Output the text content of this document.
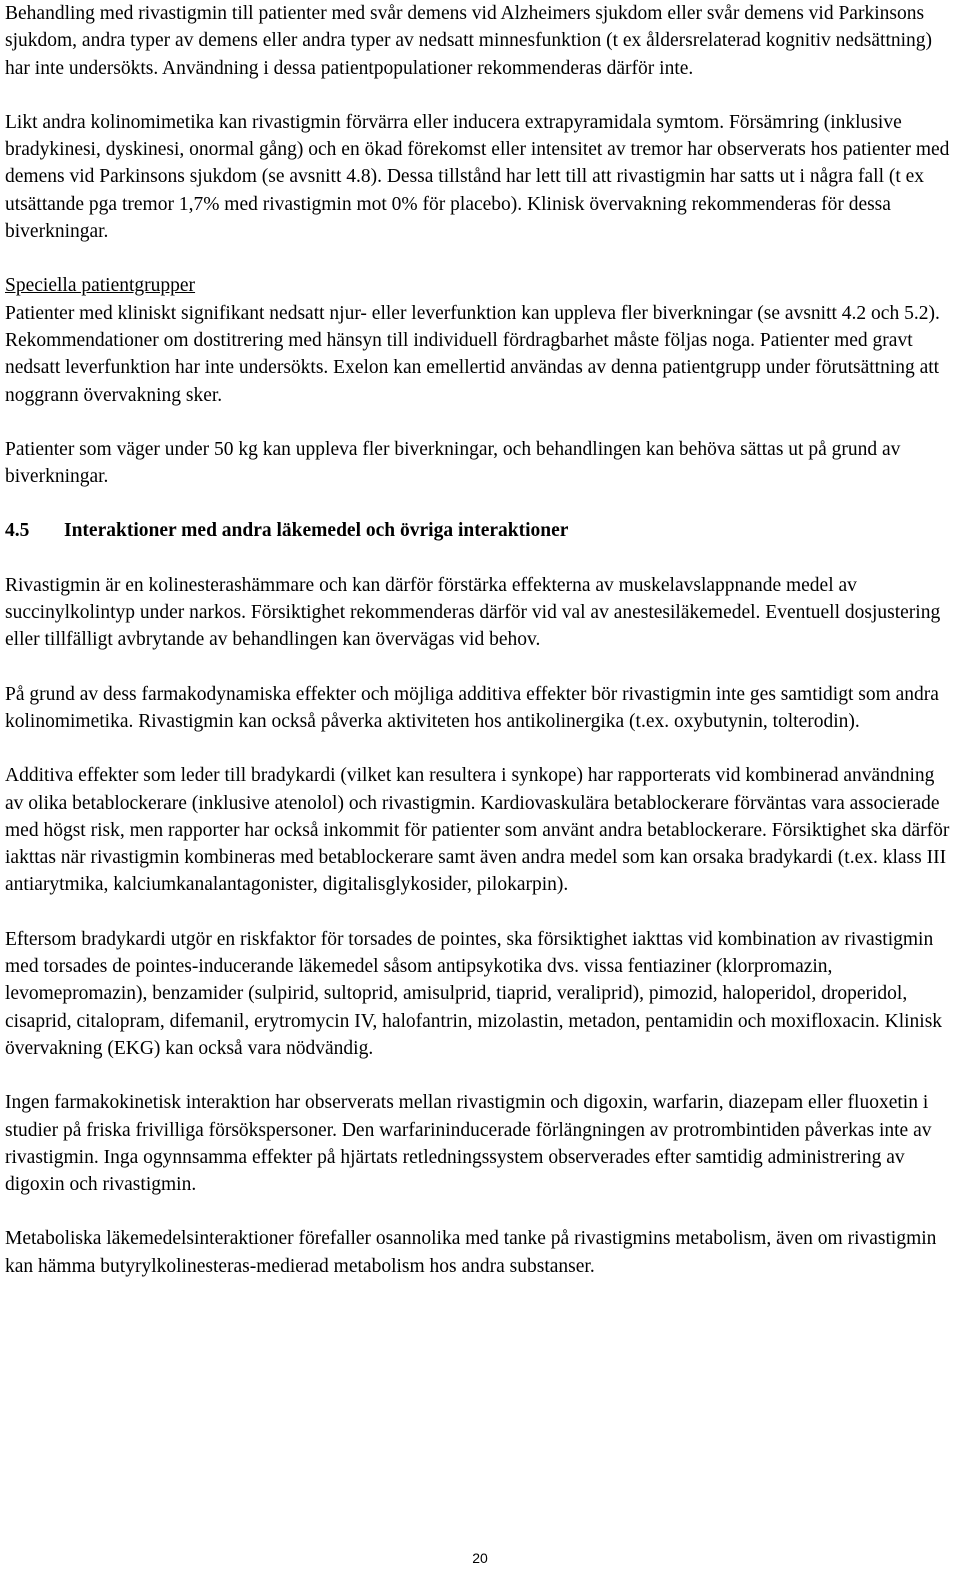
Behandling med rivastigmin till patienter med svår demens vid Alzheimers sjukdom eller svår demens vid Parkinsons sjukdom, andra typer av demens eller andra typer av nedsatt minnesfunktion (t ex åldersrelaterad kognitiv nedsättning) har inte undersökts. Användning i dessa patientpopulationer rekommenderas därför inte.

Likt andra kolinomimetika kan rivastigmin förvärra eller inducera extrapyramidala symtom. Försämring (inklusive bradykinesi, dyskinesi, onormal gång) och en ökad förekomst eller intensitet av tremor har observerats hos patienter med demens vid Parkinsons sjukdom (se avsnitt 4.8). Dessa tillstånd har lett till att rivastigmin har satts ut i några fall (t ex utsättande pga tremor 1,7% med rivastigmin mot 0% för placebo). Klinisk övervakning rekommenderas för dessa biverkningar.

Speciella patientgrupper
Patienter med kliniskt signifikant nedsatt njur- eller leverfunktion kan uppleva fler biverkningar (se avsnitt 4.2 och 5.2). Rekommendationer om dostitrering med hänsyn till individuell fördragbarhet måste följas noga. Patienter med gravt nedsatt leverfunktion har inte undersökts. Exelon kan emellertid användas av denna patientgrupp under förutsättning att noggrann övervakning sker.

Patienter som väger under 50 kg kan uppleva fler biverkningar, och behandlingen kan behöva sättas ut på grund av biverkningar.

4.5 Interaktioner med andra läkemedel och övriga interaktioner

Rivastigmin är en kolinesterashämmare och kan därför förstärka effekterna av muskelavslappnande medel av succinylkolintyp under narkos. Försiktighet rekommenderas därför vid val av anestesiläkemedel. Eventuell dosjustering eller tillfälligt avbrytande av behandlingen kan övervägas vid behov.

På grund av dess farmakodynamiska effekter och möjliga additiva effekter bör rivastigmin inte ges samtidigt som andra kolinomimetika. Rivastigmin kan också påverka aktiviteten hos antikolinergika (t.ex. oxybutynin, tolterodin).

Additiva effekter som leder till bradykardi (vilket kan resultera i synkope) har rapporterats vid kombinerad användning av olika betablockerare (inklusive atenolol) och rivastigmin. Kardiovaskulära betablockerare förväntas vara associerade med högst risk, men rapporter har också inkommit för patienter som använt andra betablockerare. Försiktighet ska därför iakttas när rivastigmin kombineras med betablockerare samt även andra medel som kan orsaka bradykardi (t.ex. klass III antiarytmika, kalciumkanalantagonister, digitalisglykosider, pilokarpin).

Eftersom bradykardi utgör en riskfaktor för torsades de pointes, ska försiktighet iakttas vid kombination av rivastigmin med torsades de pointes-inducerande läkemedel såsom antipsykotika dvs. vissa fentiaziner (klorpromazin, levomepromazin), benzamider (sulpirid, sultoprid, amisulprid, tiaprid, veraliprid), pimozid, haloperidol, droperidol, cisaprid, citalopram, difemanil, erytromycin IV, halofantrin, mizolastin, metadon, pentamidin och moxifloxacin. Klinisk övervakning (EKG) kan också vara nödvändig.

Ingen farmakokinetisk interaktion har observerats mellan rivastigmin och digoxin, warfarin, diazepam eller fluoxetin i studier på friska frivilliga försökspersoner. Den warfarininducerade förlängningen av protrombintiden påverkas inte av rivastigmin. Inga ogynnsamma effekter på hjärtats retledningssystem observerades efter samtidig administrering av digoxin och rivastigmin.

Metaboliska läkemedelsinteraktioner förefaller osannolika med tanke på rivastigmins metabolism, även om rivastigmin kan hämma butyrylkolinesteras-medierad metabolism hos andra substanser.

20
